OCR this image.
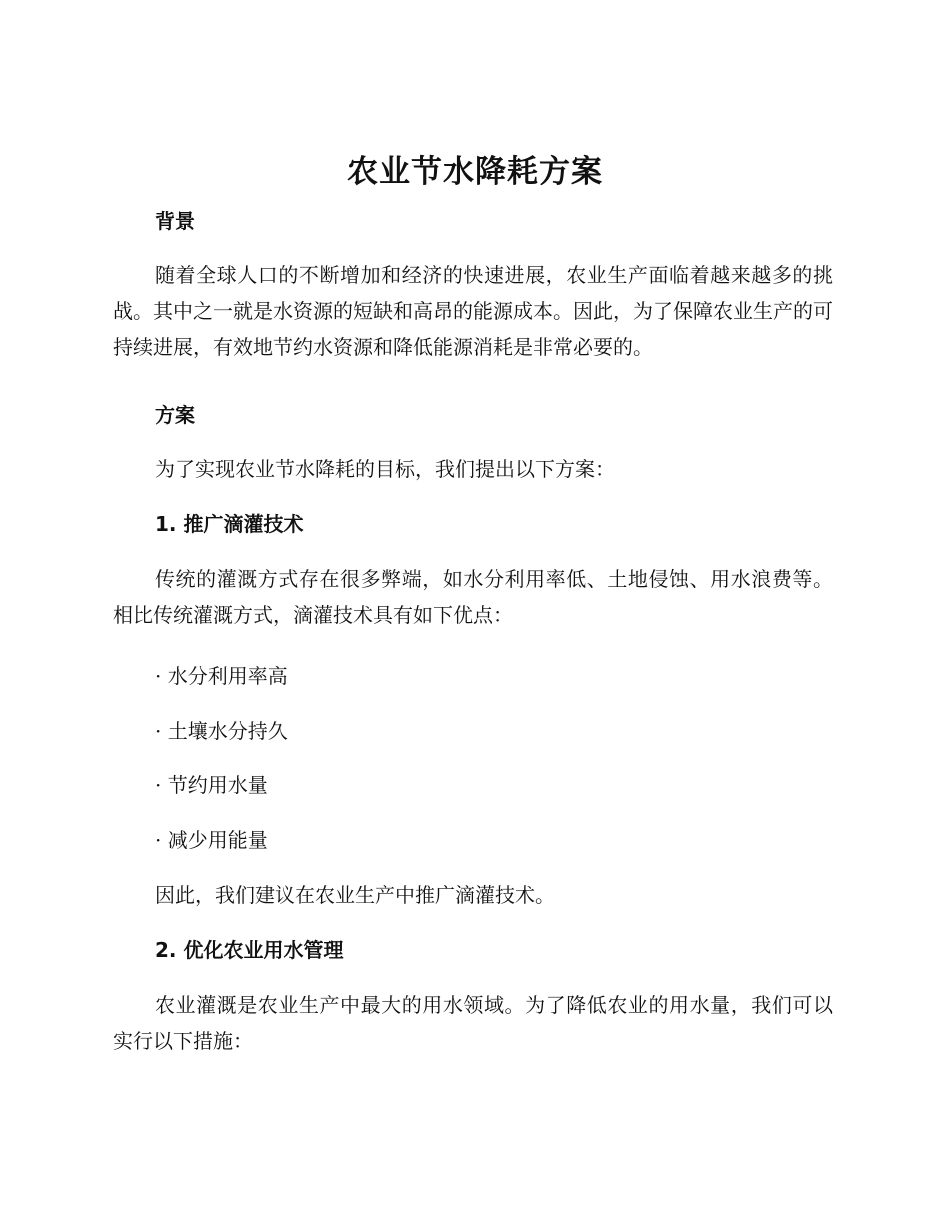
农业节水降耗方案
背景
随着全球人口的不断增加和经济的快速进展，农业生产面临着越来越多的挑战。其中之一就是水资源的短缺和高昂的能源成本。因此，为了保障农业生产的可持续进展，有效地节约水资源和降低能源消耗是非常必要的。
方案
为了实现农业节水降耗的目标，我们提出以下方案：
1. 推广滴灌技术
传统的灌溉方式存在很多弊端，如水分利用率低、土地侵蚀、用水浪费等。相比传统灌溉方式，滴灌技术具有如下优点：
· 水分利用率高
· 土壤水分持久
· 节约用水量
· 减少用能量
因此，我们建议在农业生产中推广滴灌技术。
2. 优化农业用水管理
农业灌溉是农业生产中最大的用水领域。为了降低农业的用水量，我们可以实行以下措施：
